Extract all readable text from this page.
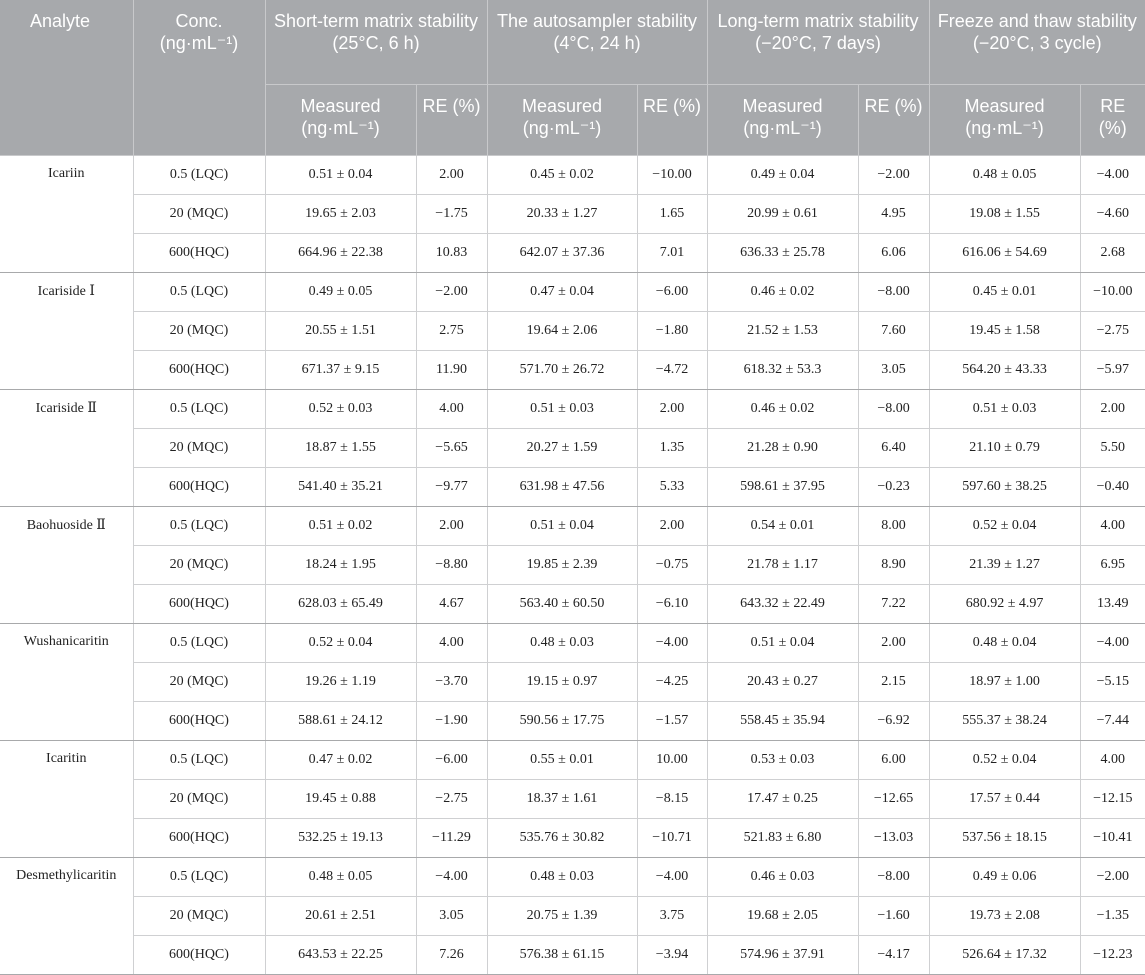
Analyte	Conc. (ng·mL⁻¹)	Short-term matrix stability (25°C, 6 h)		The autosampler stability (4°C, 24 h)		Long-term matrix stability (−20°C, 7 days)		Freeze and thaw stability (−20°C, 3 cycle)	
		Measured (ng·mL⁻¹)	RE (%)	Measured (ng·mL⁻¹)	RE (%)	Measured (ng·mL⁻¹)	RE (%)	Measured (ng·mL⁻¹)	RE (%)
Icariin	0.5 (LQC)	0.51 ± 0.04	2.00	0.45 ± 0.02	−10.00	0.49 ± 0.04	−2.00	0.48 ± 0.05	−4.00
	20 (MQC)	19.65 ± 2.03	−1.75	20.33 ± 1.27	1.65	20.99 ± 0.61	4.95	19.08 ± 1.55	−4.60
	600(HQC)	664.96 ± 22.38	10.83	642.07 ± 37.36	7.01	636.33 ± 25.78	6.06	616.06 ± 54.69	2.68
Icariside Ⅰ	0.5 (LQC)	0.49 ± 0.05	−2.00	0.47 ± 0.04	−6.00	0.46 ± 0.02	−8.00	0.45 ± 0.01	−10.00
	20 (MQC)	20.55 ± 1.51	2.75	19.64 ± 2.06	−1.80	21.52 ± 1.53	7.60	19.45 ± 1.58	−2.75
	600(HQC)	671.37 ± 9.15	11.90	571.70 ± 26.72	−4.72	618.32 ± 53.3	3.05	564.20 ± 43.33	−5.97
Icariside Ⅱ	0.5 (LQC)	0.52 ± 0.03	4.00	0.51 ± 0.03	2.00	0.46 ± 0.02	−8.00	0.51 ± 0.03	2.00
	20 (MQC)	18.87 ± 1.55	−5.65	20.27 ± 1.59	1.35	21.28 ± 0.90	6.40	21.10 ± 0.79	5.50
	600(HQC)	541.40 ± 35.21	−9.77	631.98 ± 47.56	5.33	598.61 ± 37.95	−0.23	597.60 ± 38.25	−0.40
Baohuoside Ⅱ	0.5 (LQC)	0.51 ± 0.02	2.00	0.51 ± 0.04	2.00	0.54 ± 0.01	8.00	0.52 ± 0.04	4.00
	20 (MQC)	18.24 ± 1.95	−8.80	19.85 ± 2.39	−0.75	21.78 ± 1.17	8.90	21.39 ± 1.27	6.95
	600(HQC)	628.03 ± 65.49	4.67	563.40 ± 60.50	−6.10	643.32 ± 22.49	7.22	680.92 ± 4.97	13.49
Wushanicaritin	0.5 (LQC)	0.52 ± 0.04	4.00	0.48 ± 0.03	−4.00	0.51 ± 0.04	2.00	0.48 ± 0.04	−4.00
	20 (MQC)	19.26 ± 1.19	−3.70	19.15 ± 0.97	−4.25	20.43 ± 0.27	2.15	18.97 ± 1.00	−5.15
	600(HQC)	588.61 ± 24.12	−1.90	590.56 ± 17.75	−1.57	558.45 ± 35.94	−6.92	555.37 ± 38.24	−7.44
Icaritin	0.5 (LQC)	0.47 ± 0.02	−6.00	0.55 ± 0.01	10.00	0.53 ± 0.03	6.00	0.52 ± 0.04	4.00
	20 (MQC)	19.45 ± 0.88	−2.75	18.37 ± 1.61	−8.15	17.47 ± 0.25	−12.65	17.57 ± 0.44	−12.15
	600(HQC)	532.25 ± 19.13	−11.29	535.76 ± 30.82	−10.71	521.83 ± 6.80	−13.03	537.56 ± 18.15	−10.41
Desmethylicaritin	0.5 (LQC)	0.48 ± 0.05	−4.00	0.48 ± 0.03	−4.00	0.46 ± 0.03	−8.00	0.49 ± 0.06	−2.00
	20 (MQC)	20.61 ± 2.51	3.05	20.75 ± 1.39	3.75	19.68 ± 2.05	−1.60	19.73 ± 2.08	−1.35
	600(HQC)	643.53 ± 22.25	7.26	576.38 ± 61.15	−3.94	574.96 ± 37.91	−4.17	526.64 ± 17.32	−12.23
